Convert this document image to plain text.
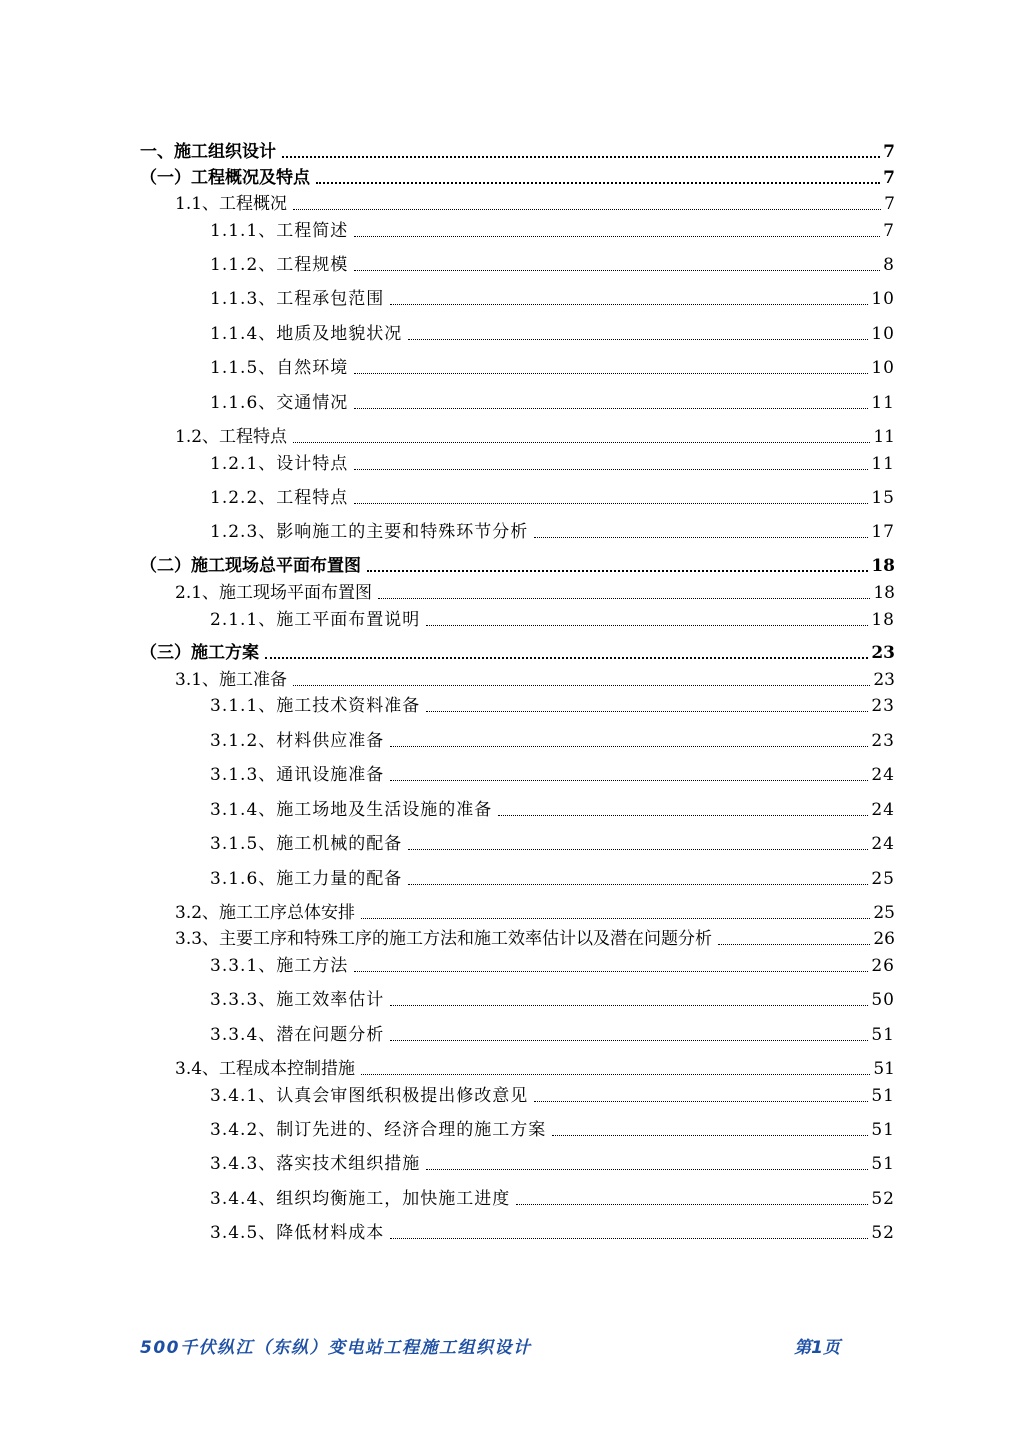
一、施工组织设计	7
（一）工程概况及特点	7
1.1、工程概况	7
1.1.1、工程简述	7
1.1.2、工程规模	8
1.1.3、工程承包范围	10
1.1.4、地质及地貌状况	10
1.1.5、自然环境	10
1.1.6、交通情况	11
1.2、工程特点	11
1.2.1、设计特点	11
1.2.2、工程特点	15
1.2.3、影响施工的主要和特殊环节分析	17
（二）施工现场总平面布置图	18
2.1、施工现场平面布置图	18
2.1.1、施工平面布置说明	18
（三）施工方案	23
3.1、施工准备	23
3.1.1、施工技术资料准备	23
3.1.2、材料供应准备	23
3.1.3、通讯设施准备	24
3.1.4、施工场地及生活设施的准备	24
3.1.5、施工机械的配备	24
3.1.6、施工力量的配备	25
3.2、施工工序总体安排	25
3.3、主要工序和特殊工序的施工方法和施工效率估计以及潜在问题分析	26
3.3.1、施工方法	26
3.3.3、施工效率估计	50
3.3.4、潜在问题分析	51
3.4、工程成本控制措施	51
3.4.1、认真会审图纸积极提出修改意见	51
3.4.2、制订先进的、经济合理的施工方案	51
3.4.3、落实技术组织措施	51
3.4.4、组织均衡施工，加快施工进度	52
3.4.5、降低材料成本	52
500千伏纵江（东纵）变电站工程施工组织设计	第1页
